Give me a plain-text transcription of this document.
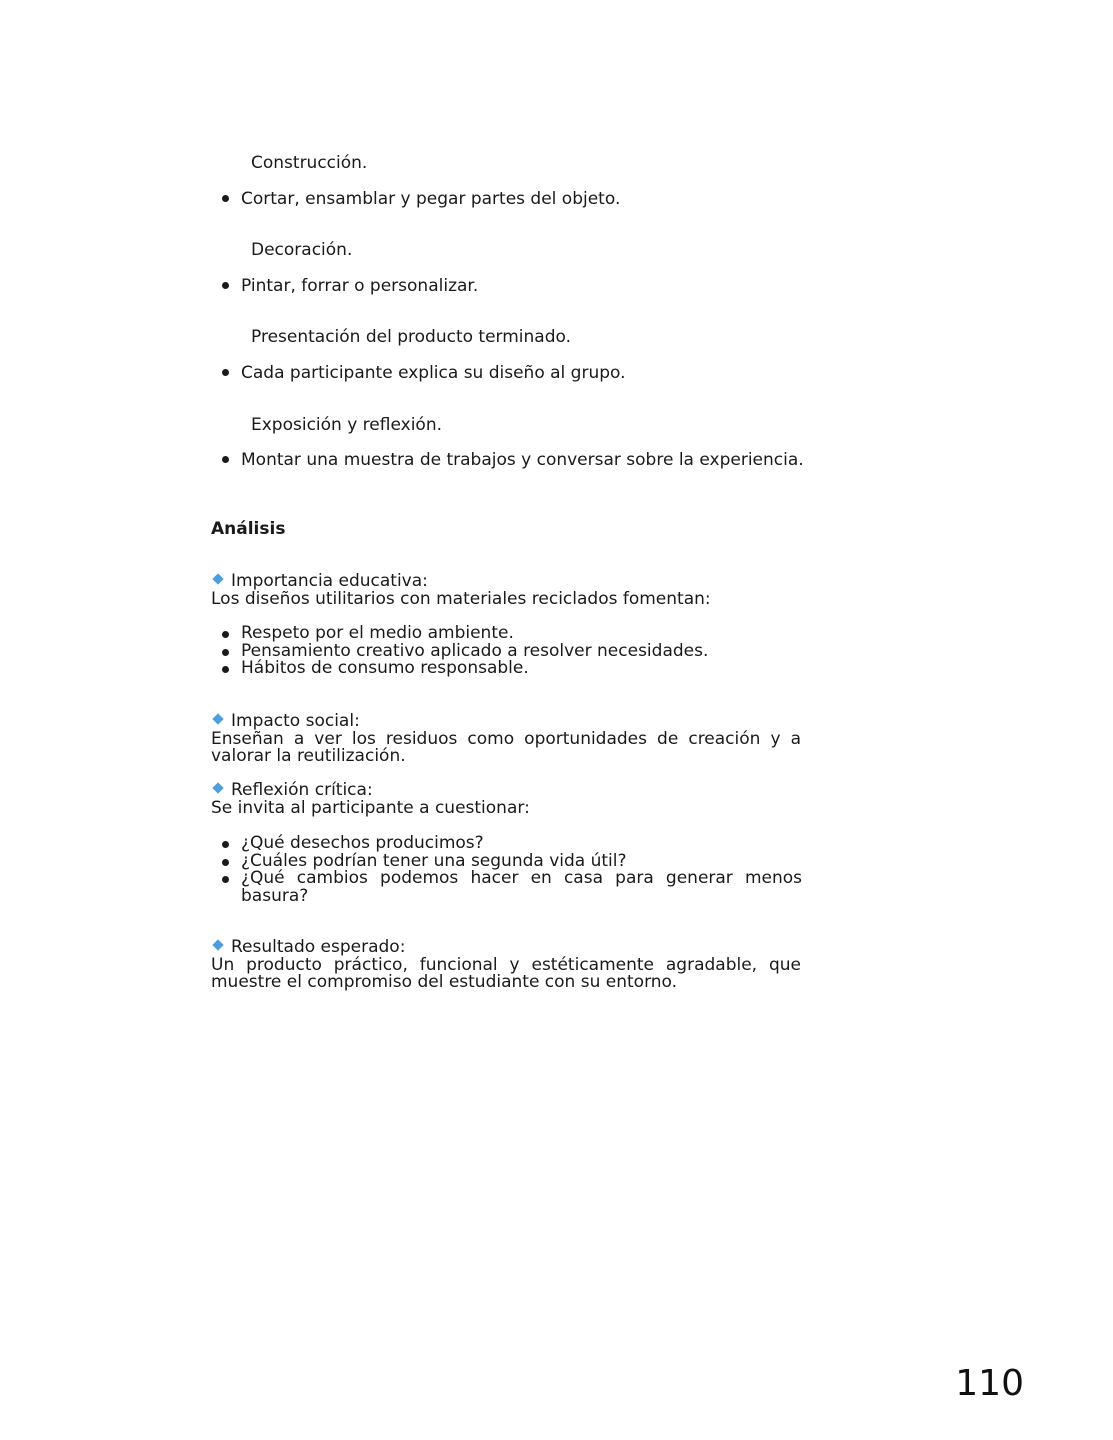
Construcción.
Cortar, ensamblar y pegar partes del objeto.
Decoración.
Pintar, forrar o personalizar.
Presentación del producto terminado.
Cada participante explica su diseño al grupo.
Exposición y reflexión.
Montar una muestra de trabajos y conversar sobre la experiencia.
Análisis
Importancia educativa:
Los diseños utilitarios con materiales reciclados fomentan:
Respeto por el medio ambiente.
Pensamiento creativo aplicado a resolver necesidades.
Hábitos de consumo responsable.
Impacto social:
Enseñan a ver los residuos como oportunidades de creación y a valorar la reutilización.
Reflexión crítica:
Se invita al participante a cuestionar:
¿Qué desechos producimos?
¿Cuáles podrían tener una segunda vida útil?
¿Qué cambios podemos hacer en casa para generar menos basura?
Resultado esperado:
Un producto práctico, funcional y estéticamente agradable, que muestre el compromiso del estudiante con su entorno.
110
